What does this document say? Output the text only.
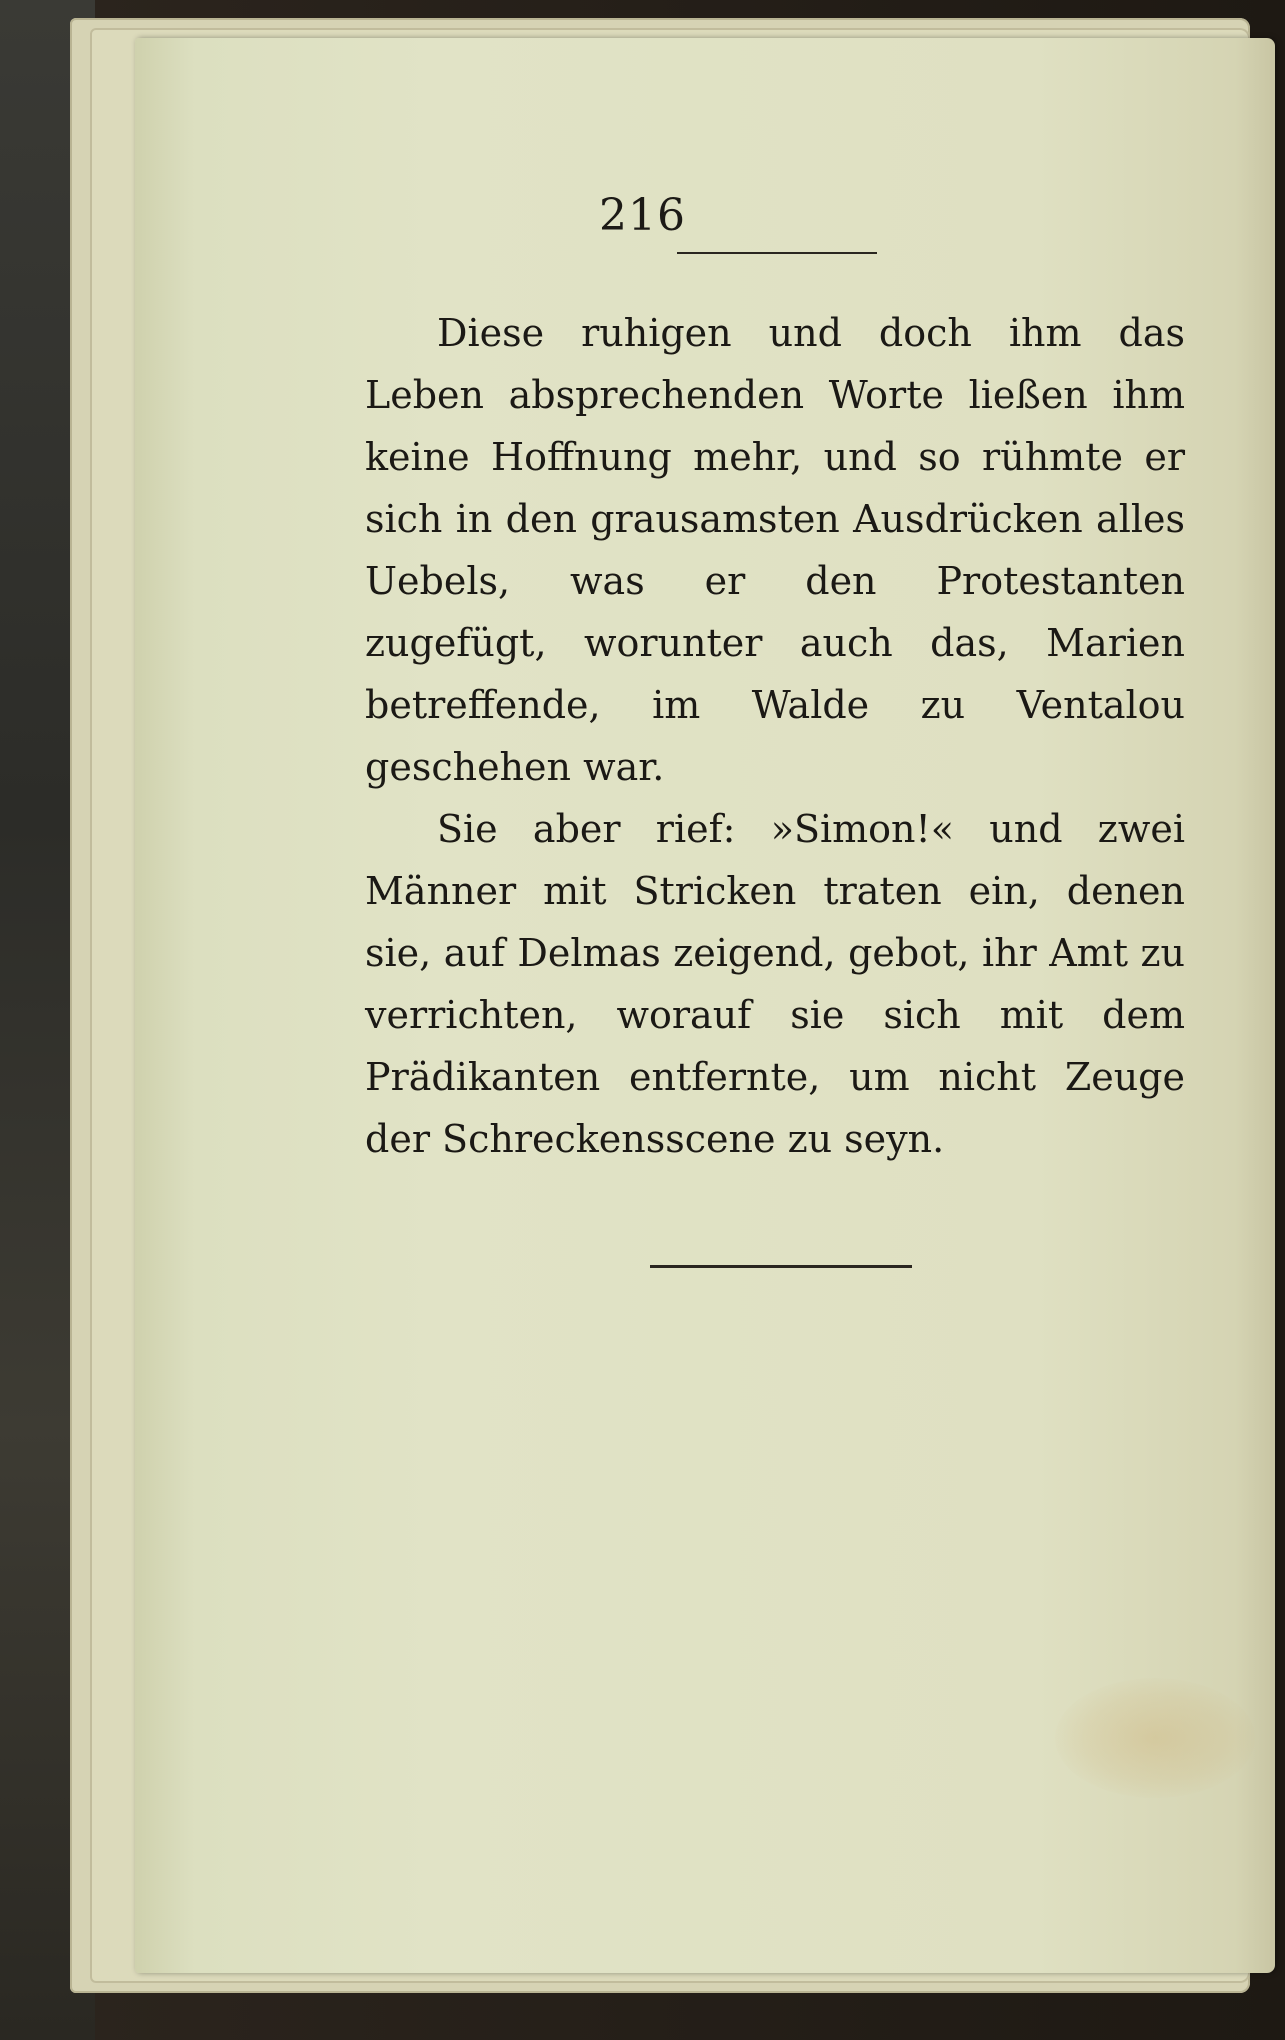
216

Diese ruhigen und doch ihm das Leben absprechenden Worte ließen ihm keine Hoffnung mehr, und so rühmte er sich in den grausamsten Ausdrücken alles Uebels, was er den Protestanten zugefügt, worunter auch das, Marien betreffende, im Walde zu Ventalou geschehen war.

Sie aber rief: »Simon!« und zwei Männer mit Stricken traten ein, denen sie, auf Delmas zeigend, gebot, ihr Amt zu verrichten, worauf sie sich mit dem Prädikanten entfernte, um nicht Zeuge der Schreckensscene zu seyn.
